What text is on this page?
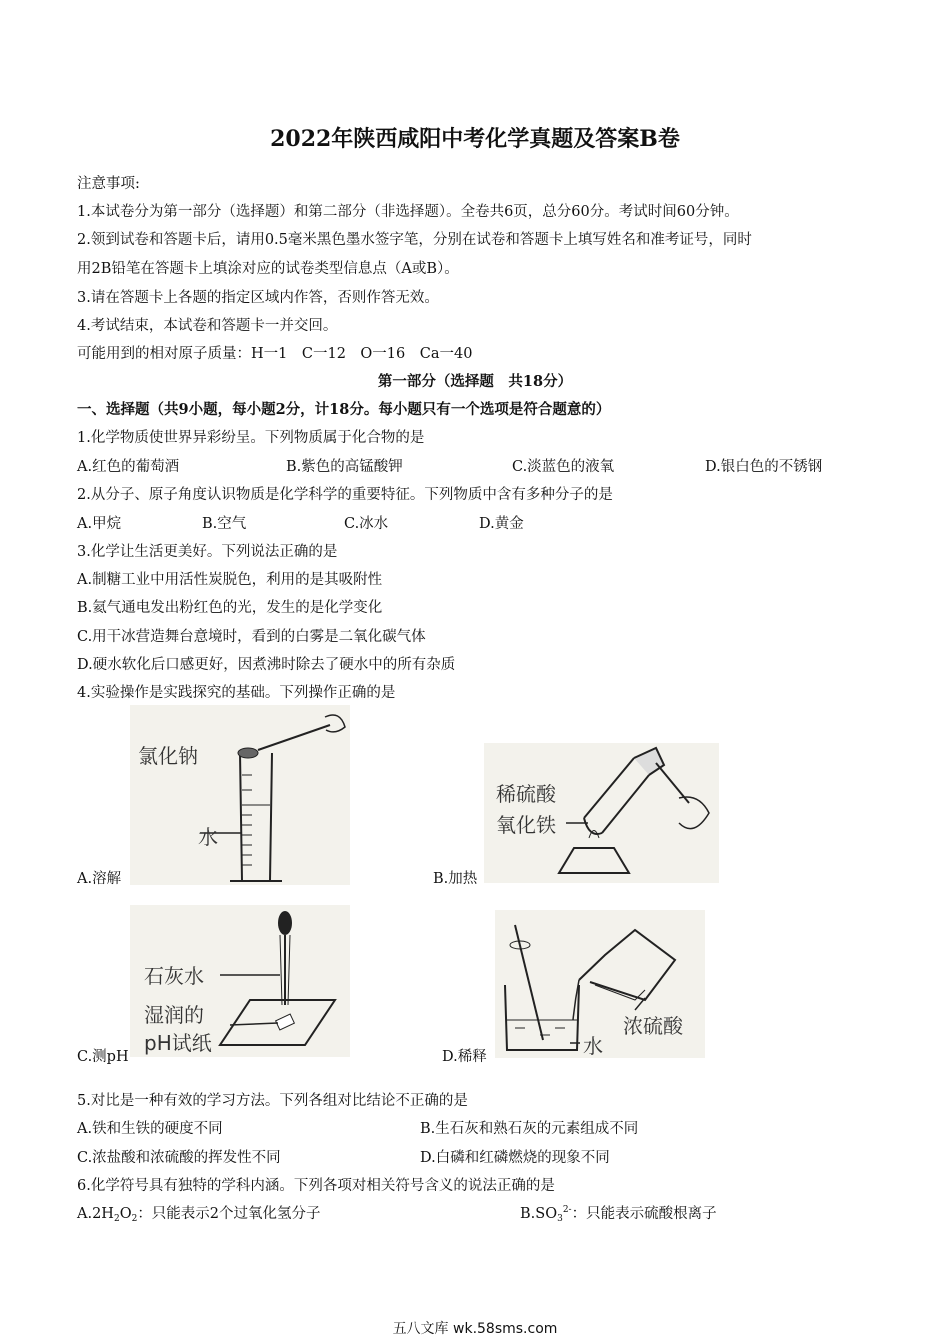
2022年陕西咸阳中考化学真题及答案B卷
注意事项:
1.本试卷分为第一部分（选择题）和第二部分（非选择题）。全卷共6页，总分60分。考试时间60分钟。
2.领到试卷和答题卡后，请用0.5毫米黑色墨水签字笔，分别在试卷和答题卡上填写姓名和准考证号，同时
用2B铅笔在答题卡上填涂对应的试卷类型信息点（A或B）。
3.请在答题卡上各题的指定区域内作答，否则作答无效。
4.考试结束，本试卷和答题卡一并交回。
可能用到的相对原子质量：H一1　C一12　O一16　Ca一40
第一部分（选择题　共18分）
一、选择题（共9小题，每小题2分，计18分。每小题只有一个选项是符合题意的）
1.化学物质使世界异彩纷呈。下列物质属于化合物的是
A.红色的葡萄酒	B.紫色的高锰酸钾	C.淡蓝色的液氧	D.银白色的不锈钢
2.从分子、原子角度认识物质是化学科学的重要特征。下列物质中含有多种分子的是
A.甲烷	B.空气	C.冰水	D.黄金
3.化学让生活更美好。下列说法正确的是
A.制糖工业中用活性炭脱色，利用的是其吸附性
B.氦气通电发出粉红色的光，发生的是化学变化
C.用干冰营造舞台意境时，看到的白雾是二氧化碳气体
D.硬水软化后口感更好，因煮沸时除去了硬水中的所有杂质
4.实验操作是实践探究的基础。下列操作正确的是
氯化钠
水
A.溶解
稀硫酸
氧化铁
B.加热
石灰水
湿润的
pH试纸
C.测pH
浓硫酸
水
D.稀释
5.对比是一种有效的学习方法。下列各组对比结论不正确的是
A.铁和生铁的硬度不同	B.生石灰和熟石灰的元素组成不同
C.浓盐酸和浓硫酸的挥发性不同	D.白磷和红磷燃烧的现象不同
6.化学符号具有独特的学科内涵。下列各项对相关符号含义的说法正确的是
$A.2H_2O_2$：只能表示2个过氧化氢分子	$B.SO_3^{2-}$：只能表示硫酸根离子
五八文库 wk.58sms.com
